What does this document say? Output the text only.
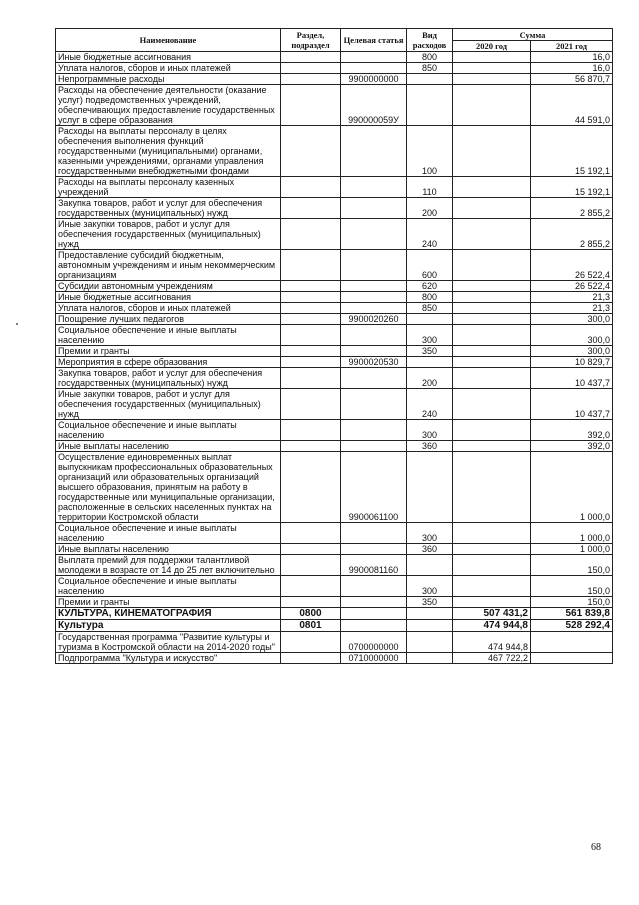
Наименование	Раздел, подраздел	Целевая статья	Вид расходов	Сумма	
				2020 год	2021 год
Иные бюджетные ассигнования			800		16,0
Уплата налогов, сборов и иных платежей			850		16,0
Непрограммные расходы		9900000000			56 870,7
Расходы на обеспечение деятельности (оказание услуг) подведомственных учреждений, обеспечивающих предоставление государственных услуг в сфере образования		990000059У			44 591,0
Расходы на выплаты персоналу в целях обеспечения выполнения функций государственными (муниципальными) органами, казенными учреждениями, органами управления государственными внебюджетными фондами			100		15 192,1
Расходы на выплаты персоналу казенных учреждений			110		15 192,1
Закупка товаров, работ и услуг для обеспечения государственных (муниципальных) нужд			200		2 855,2
Иные закупки товаров, работ и услуг для обеспечения государственных (муниципальных) нужд			240		2 855,2
Предоставление субсидий бюджетным, автономным учреждениям и иным некоммерческим организациям			600		26 522,4
Субсидии автономным учреждениям			620		26 522,4
Иные бюджетные ассигнования			800		21,3
Уплата налогов, сборов и иных платежей			850		21,3
Поощрение лучших педагогов		9900020260			300,0
Социальное обеспечение и иные выплаты населению			300		300,0
Премии и гранты			350		300,0
Мероприятия в сфере образования		9900020530			10 829,7
Закупка товаров, работ и услуг для обеспечения государственных (муниципальных) нужд			200		10 437,7
Иные закупки товаров, работ и услуг для обеспечения государственных (муниципальных) нужд			240		10 437,7
Социальное обеспечение и иные выплаты населению			300		392,0
Иные выплаты населению			360		392,0
Осуществление единовременных выплат выпускникам профессиональных образовательных организаций или образовательных организаций высшего образования, принятым на работу в государственные или муниципальные организации, расположенные в сельских населенных пунктах на территории Костромской области		9900061100			1 000,0
Социальное обеспечение и иные выплаты населению			300		1 000,0
Иные выплаты населению			360		1 000,0
Выплата премий для поддержки талантливой молодежи в возрасте от 14 до 25 лет включительно		9900081160			150,0
Социальное обеспечение и иные выплаты населению			300		150,0
Премии и гранты			350		150,0
КУЛЬТУРА, КИНЕМАТОГРАФИЯ	0800			507 431,2	561 839,8
Культура	0801			474 944,8	528 292,4
Государственная программа "Развитие культуры и туризма в Костромской области на 2014-2020 годы"		0700000000		474 944,8	
Подпрограмма "Культура и искусство"		0710000000		467 722,2	
68
